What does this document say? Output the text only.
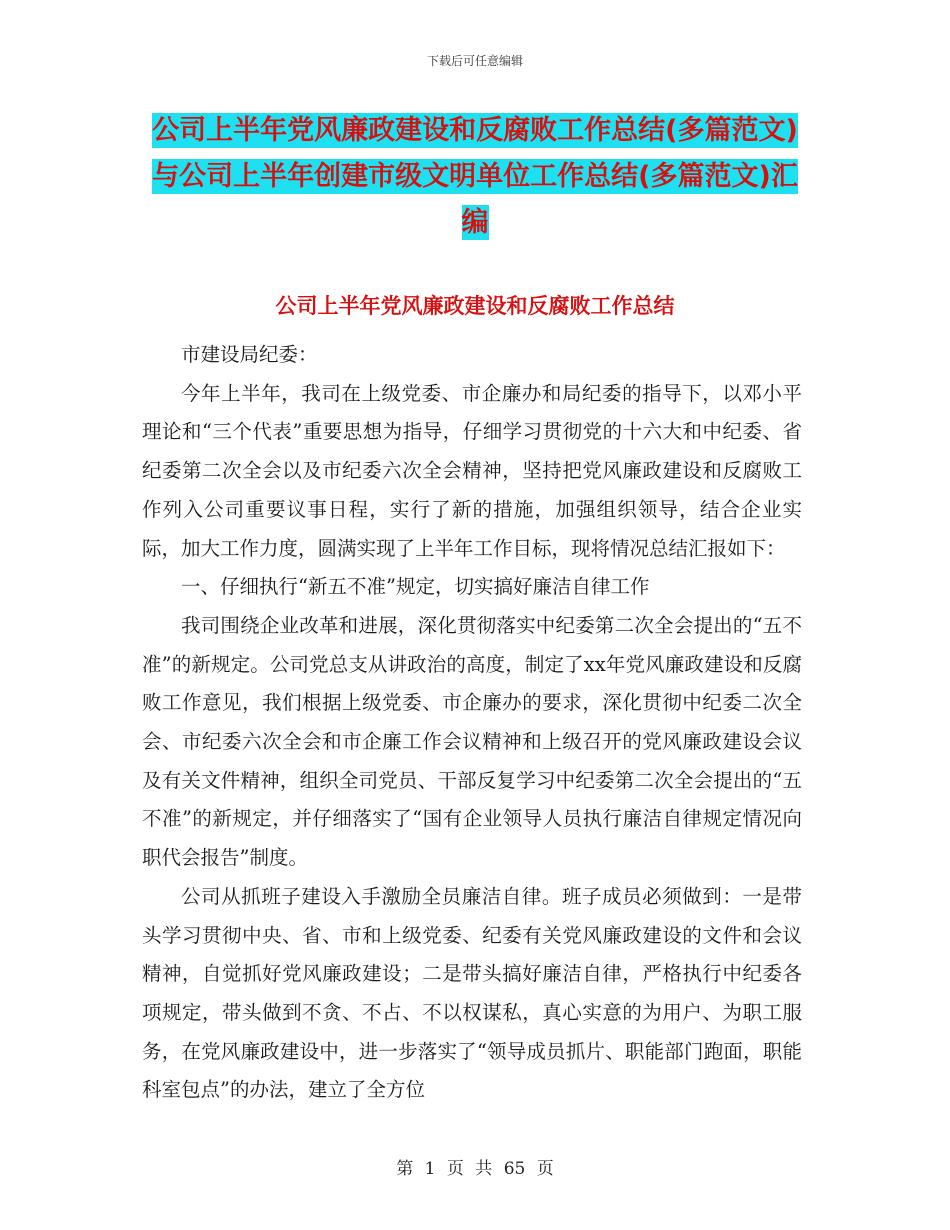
下载后可任意编辑
公司上半年党风廉政建设和反腐败工作总结(多篇范文)与公司上半年创建市级文明单位工作总结(多篇范文)汇编
公司上半年党风廉政建设和反腐败工作总结

市建设局纪委：

今年上半年，我司在上级党委、市企廉办和局纪委的指导下，以邓小平理论和“三个代表”重要思想为指导，仔细学习贯彻党的十六大和中纪委、省纪委第二次全会以及市纪委六次全会精神，坚持把党风廉政建设和反腐败工作列入公司重要议事日程，实行了新的措施，加强组织领导，结合企业实际，加大工作力度，圆满实现了上半年工作目标，现将情况总结汇报如下：

一、仔细执行“新五不准”规定，切实搞好廉洁自律工作

我司围绕企业改革和进展，深化贯彻落实中纪委第二次全会提出的“五不准”的新规定。公司党总支从讲政治的高度，制定了xx年党风廉政建设和反腐败工作意见，我们根据上级党委、市企廉办的要求，深化贯彻中纪委二次全会、市纪委六次全会和市企廉工作会议精神和上级召开的党风廉政建设会议及有关文件精神，组织全司党员、干部反复学习中纪委第二次全会提出的“五不准”的新规定，并仔细落实了“国有企业领导人员执行廉洁自律规定情况向职代会报告”制度。

公司从抓班子建设入手激励全员廉洁自律。班子成员必须做到：一是带头学习贯彻中央、省、市和上级党委、纪委有关党风廉政建设的文件和会议精神，自觉抓好党风廉政建设；二是带头搞好廉洁自律，严格执行中纪委各项规定，带头做到不贪、不占、不以权谋私，真心实意的为用户、为职工服务，在党风廉政建设中，进一步落实了“领导成员抓片、职能部门跑面，职能科室包点”的办法，建立了全方位

第 1 页 共 65 页
